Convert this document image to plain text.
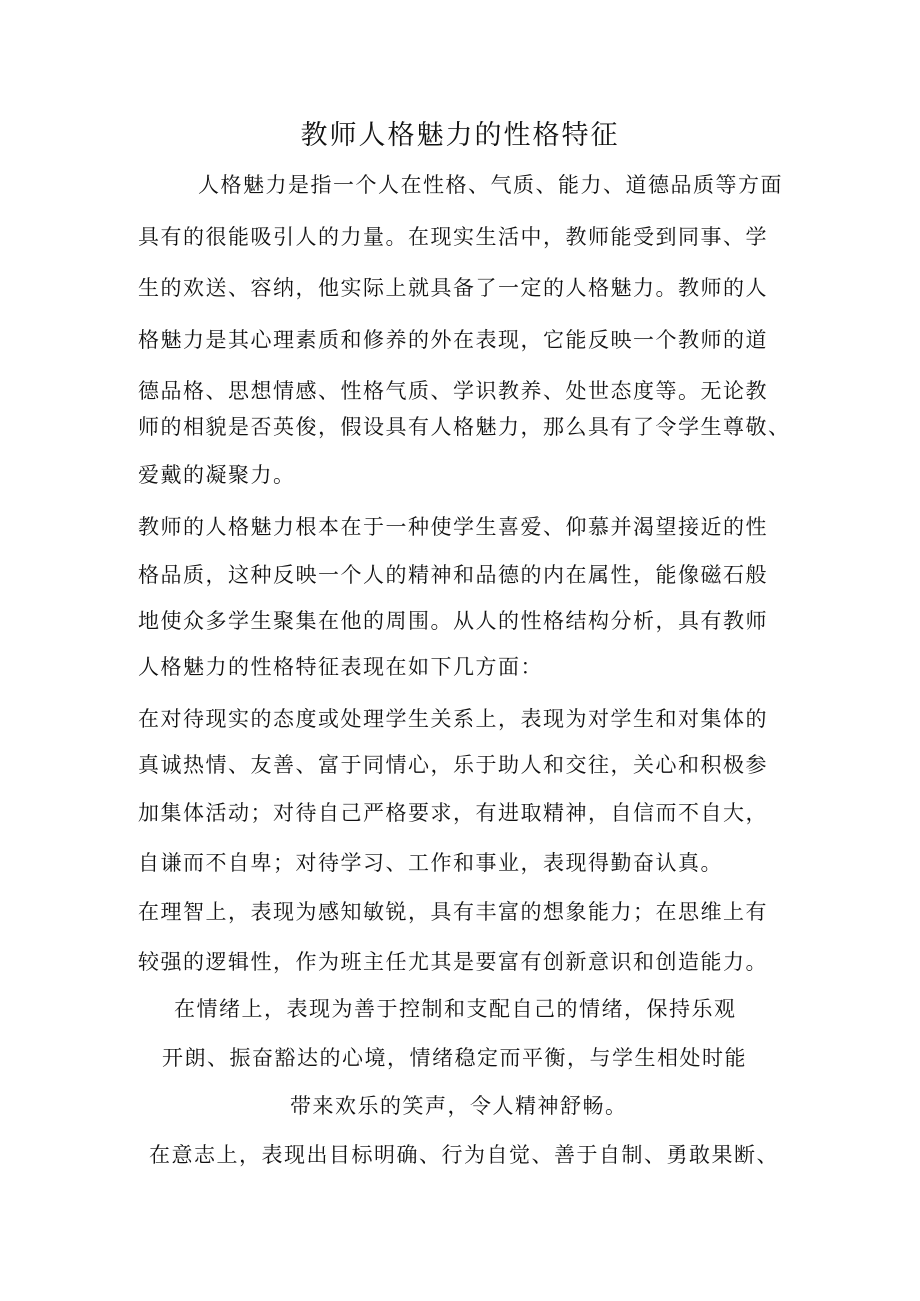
教师人格魅力的性格特征
人格魅力是指一个人在性格、气质、能力、道德品质等方面
具有的很能吸引人的力量。在现实生活中，教师能受到同事、学
生的欢送、容纳，他实际上就具备了一定的人格魅力。教师的人
格魅力是其心理素质和修养的外在表现，它能反映一个教师的道
德品格、思想情感、性格气质、学识教养、处世态度等。无论教
师的相貌是否英俊，假设具有人格魅力，那么具有了令学生尊敬、
爱戴的凝聚力。
教师的人格魅力根本在于一种使学生喜爱、仰慕并渴望接近的性
格品质，这种反映一个人的精神和品德的内在属性，能像磁石般
地使众多学生聚集在他的周围。从人的性格结构分析，具有教师
人格魅力的性格特征表现在如下几方面：
在对待现实的态度或处理学生关系上，表现为对学生和对集体的
真诚热情、友善、富于同情心，乐于助人和交往，关心和积极参
加集体活动；对待自己严格要求，有进取精神，自信而不自大，
自谦而不自卑；对待学习、工作和事业，表现得勤奋认真。
在理智上，表现为感知敏锐，具有丰富的想象能力；在思维上有
较强的逻辑性，作为班主任尤其是要富有创新意识和创造能力。
在情绪上，表现为善于控制和支配自己的情绪，保持乐观
开朗、振奋豁达的心境，情绪稳定而平衡，与学生相处时能
带来欢乐的笑声，令人精神舒畅。
在意志上，表现出目标明确、行为自觉、善于自制、勇敢果断、
